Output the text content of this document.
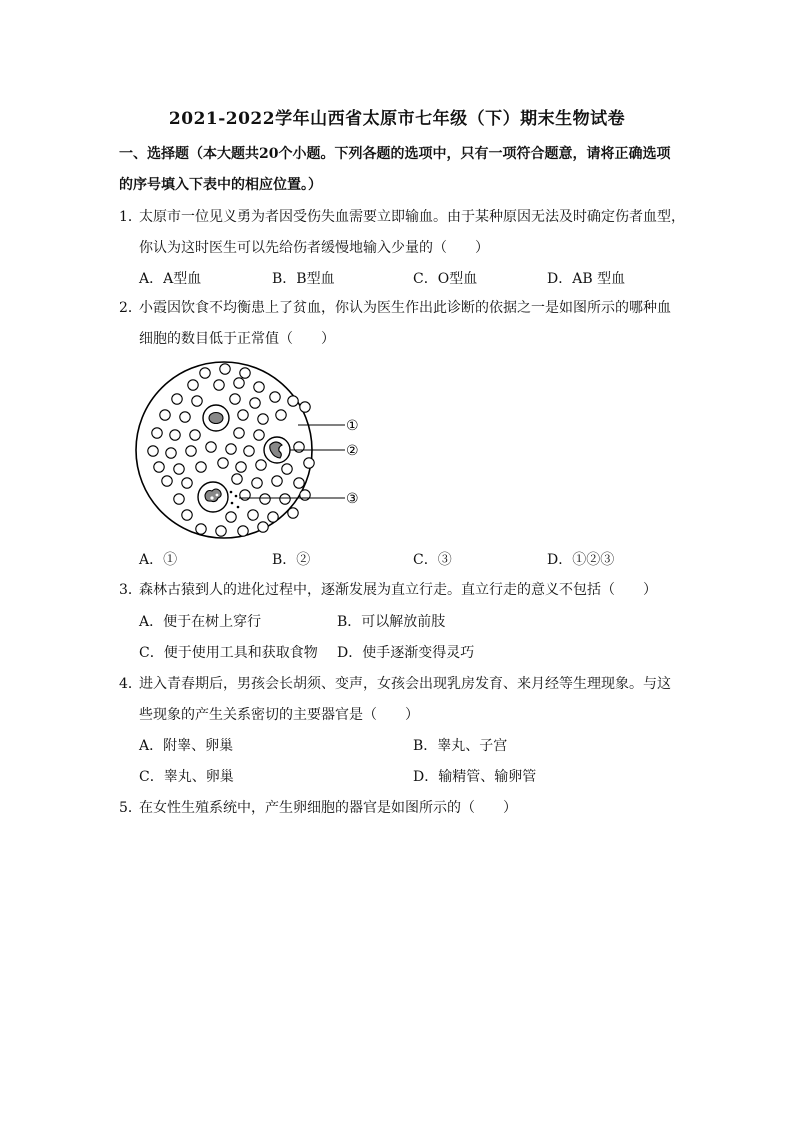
2021-2022学年山西省太原市七年级（下）期末生物试卷
一、选择题（本大题共20个小题。下列各题的选项中，只有一项符合题意，请将正确选项的序号填入下表中的相应位置。）
1．太原市一位见义勇为者因受伤失血需要立即输血。由于某种原因无法及时确定伤者血型，
你认为这时医生可以先给伤者缓慢地输入少量的（　　）
A．A型血	B．B型血	C．O型血	D．AB 型血
2．小霞因饮食不均衡患上了贫血，你认为医生作出此诊断的依据之一是如图所示的哪种血
细胞的数目低于正常值（　　）
①
②
③
A．①	B．②	C．③	D．①②③
3．森林古猿到人的进化过程中，逐渐发展为直立行走。直立行走的意义不包括（　　）
A．便于在树上穿行	B．可以解放前肢
C．便于使用工具和获取食物 D．使手逐渐变得灵巧
4．进入青春期后，男孩会长胡须、变声，女孩会出现乳房发育、来月经等生理现象。与这
些现象的产生关系密切的主要器官是（　　）
A．附睾、卵巢	B．睾丸、子宫
C．睾丸、卵巢	D．输精管、输卵管
5．在女性生殖系统中，产生卵细胞的器官是如图所示的（　　）
